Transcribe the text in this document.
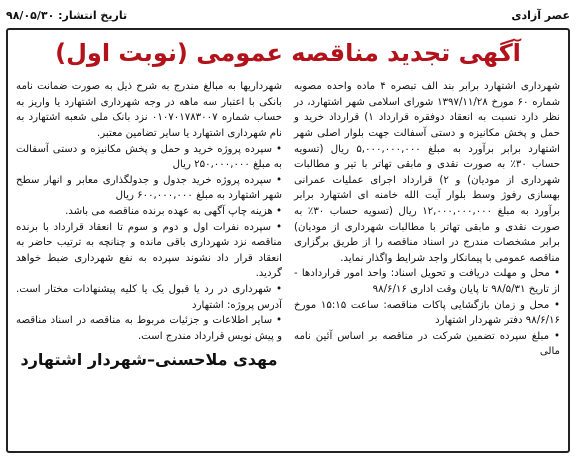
عصر آزادی
تاریخ انتشار: ۹۸/۰۵/۳۰
آگهی تجدید مناقصه عمومی (نوبت اول)

شهرداری اشتهارد برابر بند الف تبصره ۴ ماده واحده مصوبه شماره ۶۰ مورخ ۱۳۹۷/۱۱/۲۸ شورای اسلامی شهر اشتهارد، در نظر دارد نسبت به انعقاد دوفقره قرارداد ۱) قرارداد خرید و حمل و پخش مکانیزه و دستی آسفالت جهت بلوار اصلی شهر اشتهارد برابر برآورد به مبلغ ۵,۰۰۰,۰۰۰,۰۰۰ ریال (تسویه حساب ۳۰٪ به صورت نقدی و مابقی تهاتر با تیر و مطالبات شهرداری از مودیان) و ۲) قرارداد اجرای عملیات عمرانی بهسازی رفوژ وسط بلوار آیت الله خامنه ای اشتهارد برابر برآورد به مبلغ ۱۲,۰۰۰,۰۰۰,۰۰۰ ریال (تسویه حساب ۳۰٪ به صورت نقدی و مابقی تهاتر با مطالبات شهرداری از مودیان) برابر مشخصات مندرج در اسناد مناقصه را از طریق برگزاری مناقصه عمومی با پیمانکار واجد شرایط واگذار نماید.

• محل و مهلت دریافت و تحویل اسناد: واحد امور قراردادها - از تاریخ ۹۸/۵/۳۱ تا پایان وقت اداری ۹۸/۶/۱۶

• محل و زمان بازگشایی پاکات مناقصه: ساعت ۱۵:۱۵ مورخ ۹۸/۶/۱۶ دفتر شهردار اشتهارد

• مبلغ سپرده تضمین شرکت در مناقصه بر اساس آئین نامه مالی

شهرداریها به مبالغ مندرج به شرح ذیل به صورت ضمانت نامه بانکی با اعتبار سه ماهه در وجه شهرداری اشتهارد یا واریز به حساب شماره ۰۱۰۷۰۱۷۸۳۰۰۷ نزد بانک ملی شعبه اشتهارد به نام شهرداری اشتهارد یا سایر تضامین معتبر.

• سپرده پروژه خرید و حمل و پخش مکانیزه و دستی آسفالت به مبلغ ۲۵۰,۰۰۰,۰۰۰ ریال

• سپرده پروژه خرید جدول و جدولگذاری معابر و انهار سطح شهر اشتهارد به مبلغ ۶۰۰,۰۰۰,۰۰۰ ریال

• هزینه چاپ آگهی به عهده برنده مناقصه می باشد.

• سپرده نفرات اول و دوم و سوم تا انعقاد قرارداد با برنده مناقصه نزد شهرداری باقی مانده و چنانچه به ترتیب حاضر به انعقاد قرار داد نشوند سپرده به نفع شهرداری ضبط خواهد گردید.

• شهرداری در رد یا قبول یک یا کلیه پیشنهادات مختار است. آدرس پروژه: اشتهارد

• سایر اطلاعات و جزئیات مربوط به مناقصه در اسناد مناقصه و پیش نویس قرارداد مندرج است.

مهدی ملاحسنی–شهردار اشتهارد
